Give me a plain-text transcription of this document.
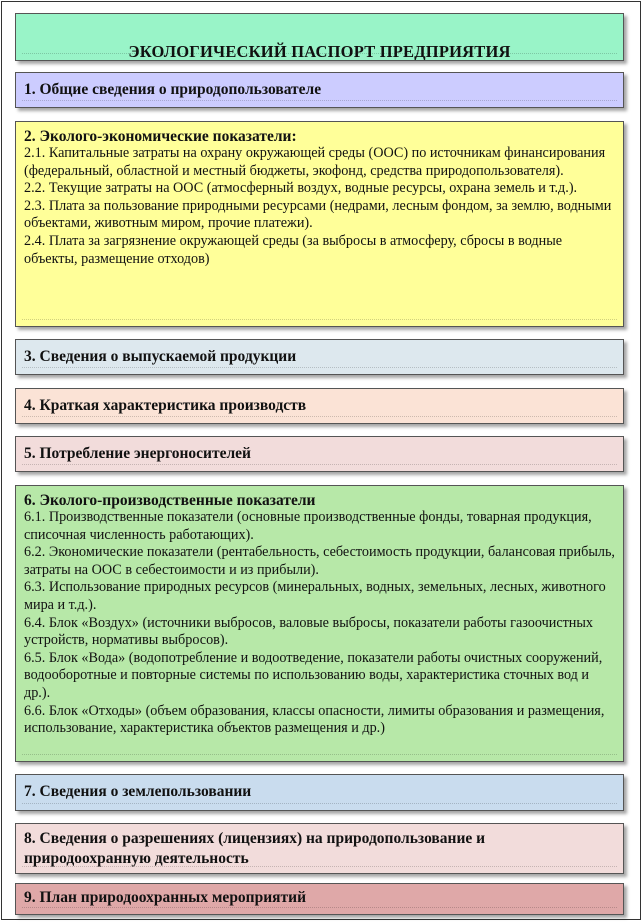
ЭКОЛОГИЧЕСКИЙ ПАСПОРТ ПРЕДПРИЯТИЯ
1. Общие сведения о природопользователе

2. Эколого-экономические показатели:

2.1. Капитальные затраты на охрану окружающей среды (ООС) по источникам финансирования (федеральный, областной и местный бюджеты, экофонд, средства природопользователя).

2.2. Текущие затраты на ООС (атмосферный воздух, водные ресурсы, охрана земель и т.д.).

2.3. Плата за пользование природными ресурсами (недрами, лесным фондом, за землю, водными объектами, животным миром, прочие платежи).

2.4. Плата за загрязнение окружающей среды (за выбросы в атмосферу, сбросы в водные объекты, размещение отходов)

3. Сведения о выпускаемой продукции
4. Краткая характеристика производств
5. Потребление энергоносителей

6. Эколого-производственные показатели

6.1. Производственные показатели (основные производственные фонды, товарная продукция, списочная численность работающих).

6.2. Экономические показатели (рентабельность, себестоимость продукции, балансовая прибыль, затраты на ООС в себестоимости и из прибыли).

6.3. Использование природных ресурсов (минеральных, водных, земельных, лесных, животного мира и т.д.).

6.4. Блок «Воздух» (источники выбросов, валовые выбросы, показатели работы газоочистных устройств, нормативы выбросов).

6.5. Блок «Вода» (водопотребление и водоотведение, показатели работы очистных сооружений, водооборотные и повторные системы по использованию воды, характеристика сточных вод и др.).

6.6. Блок «Отходы» (объем образования, классы опасности, лимиты образования и размещения, использование, характеристика объектов размещения и др.)

7. Сведения о землепользовании
8. Сведения о разрешениях (лицензиях) на природопользование и природоохранную деятельность
9. План природоохранных мероприятий
